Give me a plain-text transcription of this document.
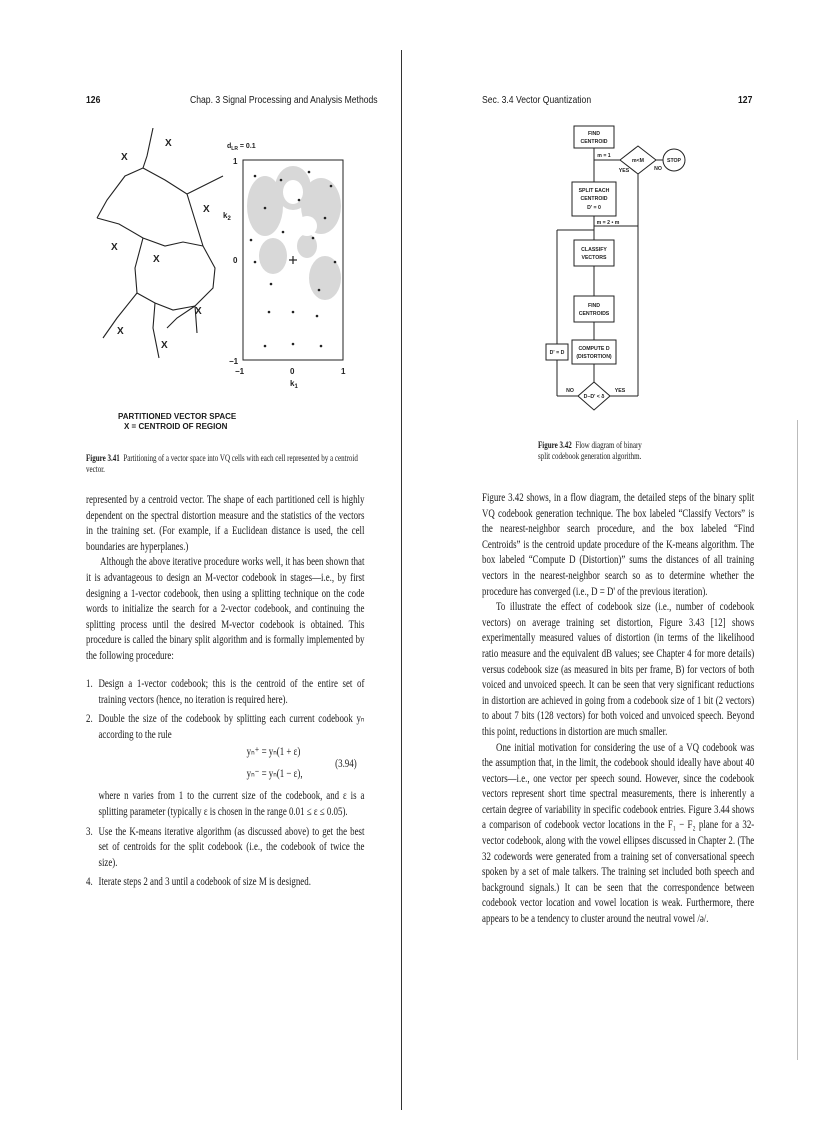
126	Chap. 3 Signal Processing and Analysis Methods
X
X
X
X
X
X
X
X
$d_{LR} = 0.1$
1
0
−1
$k_2$
−1	0	1
$k_1$
PARTITIONED VECTOR SPACE
X = CENTROID OF REGION
Figure 3.41 Partitioning of a vector space into VQ cells with each cell represented by a centroid vector.

represented by a centroid vector. The shape of each partitioned cell is highly dependent on the spectral distortion measure and the statistics of the vectors in the training set. (For example, if a Euclidean distance is used, the cell boundaries are hyperplanes.)

Although the above iterative procedure works well, it has been shown that it is advantageous to design an M-vector codebook in stages—i.e., by first designing a 1-vector codebook, then using a splitting technique on the code words to initialize the search for a 2-vector codebook, and continuing the splitting process until the desired M-vector codebook is obtained. This procedure is called the binary split algorithm and is formally implemented by the following procedure:

1. Design a 1-vector codebook; this is the centroid of the entire set of training vectors (hence, no iteration is required here).
2. Double the size of the codebook by splitting each current codebook yₙ according to the rule
yₙ⁺ = yₙ(1 + ε)
yₙ⁻ = yₙ(1 − ε),
(3.94)
where n varies from 1 to the current size of the codebook, and ε is a splitting parameter (typically ε is chosen in the range 0.01 ≤ ε ≤ 0.05).
3. Use the K-means iterative algorithm (as discussed above) to get the best set of centroids for the split codebook (i.e., the codebook of twice the size).
4. Iterate steps 2 and 3 until a codebook of size M is designed.
Sec. 3.4 Vector Quantization	127
FIND
CENTROID
m = 1
m<M
YES	NO
STOP
SPLIT EACH
CENTROID
D' = 0
m = 2 • m
CLASSIFY
VECTORS
FIND
CENTROIDS
COMPUTE D
(DISTORTION)
D' = D
D−D' < δ
NO	YES
Figure 3.42 Flow diagram of binary split codebook generation algorithm.

Figure 3.42 shows, in a flow diagram, the detailed steps of the binary split VQ codebook generation technique. The box labeled “Classify Vectors” is the nearest-neighbor search procedure, and the box labeled “Find Centroids” is the centroid update procedure of the K-means algorithm. The box labeled “Compute D (Distortion)” sums the distances of all training vectors in the nearest-neighbor search so as to determine whether the procedure has converged (i.e., D = D' of the previous iteration).

To illustrate the effect of codebook size (i.e., number of codebook vectors) on average training set distortion, Figure 3.43 [12] shows experimentally measured values of distortion (in terms of the likelihood ratio measure and the equivalent dB values; see Chapter 4 for more details) versus codebook size (as measured in bits per frame, B) for vectors of both voiced and unvoiced speech. It can be seen that very significant reductions in distortion are achieved in going from a codebook size of 1 bit (2 vectors) to about 7 bits (128 vectors) for both voiced and unvoiced speech. Beyond this point, reductions in distortion are much smaller.

One initial motivation for considering the use of a VQ codebook was the assumption that, in the limit, the codebook should ideally have about 40 vectors—i.e., one vector per speech sound. However, since the codebook vectors represent short time spectral measurements, there is inherently a certain degree of variability in specific codebook entries. Figure 3.44 shows a comparison of codebook vector locations in the F₁ − F₂ plane for a 32-vector codebook, along with the vowel ellipses discussed in Chapter 2. (The 32 codewords were generated from a training set of conversational speech spoken by a set of male talkers. The training set included both speech and background signals.) It can be seen that the correspondence between codebook vector location and vowel location is weak. Furthermore, there appears to be a tendency to cluster around the neutral vowel /ə/.
